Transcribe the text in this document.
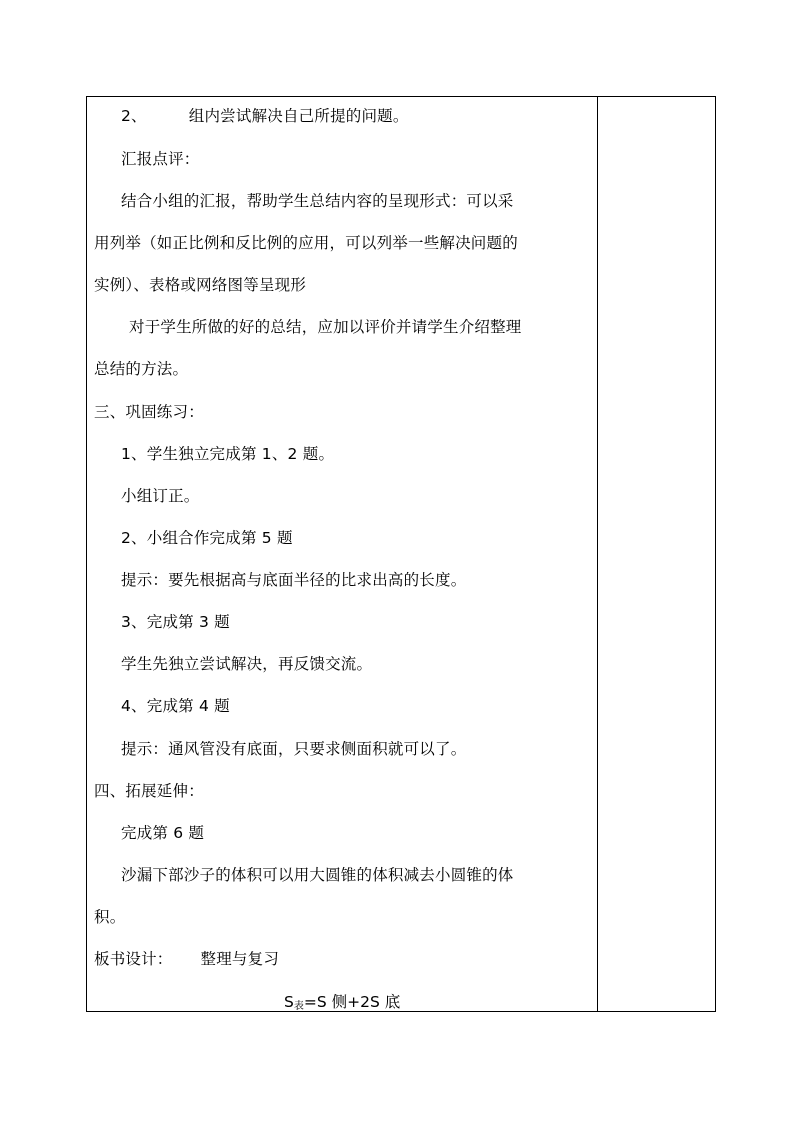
2、	组内尝试解决自己所提的问题。
汇报点评：
结合小组的汇报，帮助学生总结内容的呈现形式：可以采
用列举（如正比例和反比例的应用，可以列举一些解决问题的
实例）、表格或网络图等呈现形
对于学生所做的好的总结，应加以评价并请学生介绍整理
总结的方法。
三、巩固练习：
1、学生独立完成第 1、2 题。
小组订正。
2、小组合作完成第 5 题
提示：要先根据高与底面半径的比求出高的长度。
3、完成第 3 题
学生先独立尝试解决，再反馈交流。
4、完成第 4 题
提示：通风管没有底面，只要求侧面积就可以了。
四、拓展延伸：
完成第 6 题
沙漏下部沙子的体积可以用大圆锥的体积减去小圆锥的体
积。
板书设计： 整理与复习
$S_表=S$ 侧+2S 底
